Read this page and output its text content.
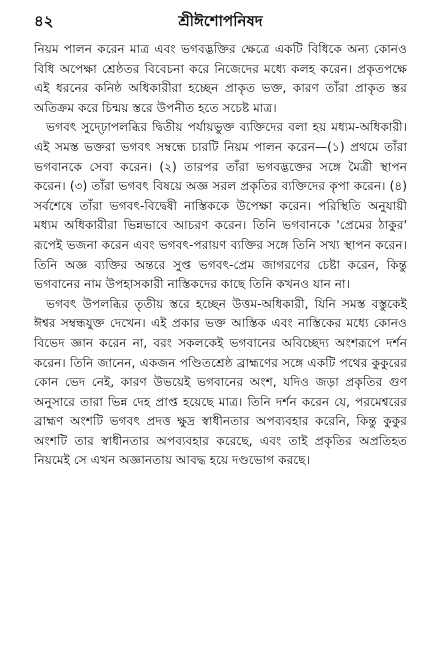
৪২	শ্রীঈশোপনিষদ

নিয়ম পালন করেন মাত্র এবং ভগবদ্ভক্তির ক্ষেত্রে একটি বিধিকে অন্য কোনও বিধি অপেক্ষা শ্রেষ্ঠতর বিবেচনা করে নিজেদের মধ্যে কলহ করেন। প্রকৃতপক্ষে এই ধরনের কনিষ্ঠ অধিকারীরা হচ্ছেন প্রাকৃত ভক্ত, কারণ তাঁরা প্রাকৃত স্তর অতিক্রম করে চিন্ময় স্তরে উপনীত হতে সচেষ্ট মাত্র।

ভগবৎ সুদ্ঢ়োপলব্ধির দ্বিতীয় পর্যায়ভুক্ত ব্যক্তিদের বলা হয় মধ্যম-অধিকারী। এই সমস্ত ভক্তরা ভগবৎ সম্বন্ধে চারটি নিয়ম পালন করেন—(১) প্রথমে তাঁরা ভগবানকে সেবা করেন। (২) তারপর তাঁরা ভগবদ্ভক্তের সঙ্গে মৈত্রী স্থাপন করেন। (৩) তাঁরা ভগবৎ বিষয়ে অজ্ঞ সরল প্রকৃতির ব্যক্তিদের কৃপা করেন। (৪) সর্বশেষে তাঁরা ভগবৎ-বিদ্বেষী নাস্তিককে উপেক্ষা করেন। পরিস্থিতি অনুযায়ী মধ্যম অধিকারীরা ভিন্নভাবে আচরণ করেন। তিনি ভগবানকে 'প্রেমের ঠাকুর' রূপেই ভজনা করেন এবং ভগবৎ-পরায়ণ ব্যক্তির সঙ্গে তিনি সখ্য স্থাপন করেন। তিনি অজ্ঞ ব্যক্তির অন্তরে সুপ্ত ভগবৎ-প্রেম জাগরণের চেষ্টা করেন, কিন্তু ভগবানের নাম উপহাসকারী নাস্তিকদের কাছে তিনি কখনও যান না।

ভগবৎ উপলব্ধির তৃতীয় স্তরে হচ্ছেন উত্তম-অধিকারী, যিনি সমস্ত বস্তুকেই ঈশ্বর সম্বন্ধযুক্ত দেখেন। এই প্রকার ভক্ত আস্তিক এবং নাস্তিকের মধ্যে কোনও বিভেদ জ্ঞান করেন না, বরং সকলকেই ভগবানের অবিচ্ছেদ্য অংশরূপে দর্শন করেন। তিনি জানেন, একজন পণ্ডিতশ্রেষ্ঠ ব্রাহ্মণের সঙ্গে একটি পথের কুকুরের কোন ভেদ নেই, কারণ উভয়েই ভগবানের অংশ, যদিও জড়া প্রকৃতির গুণ অনুসারে তারা ভিন্ন দেহ প্রাপ্ত হয়েছে মাত্র। তিনি দর্শন করেন যে, পরমেশ্বরের ব্রাহ্মণ অংশটি ভগবৎ প্রদত্ত ক্ষুদ্র স্বাধীনতার অপব্যবহার করেনি, কিন্তু কুকুর অংশটি তার স্বাধীনতার অপব্যবহার করেছে, এবং তাই প্রকৃতির অপ্রতিহত নিয়মেই সে এখন অজ্ঞানতায় আবদ্ধ হয়ে দণ্ডভোগ করছে।
